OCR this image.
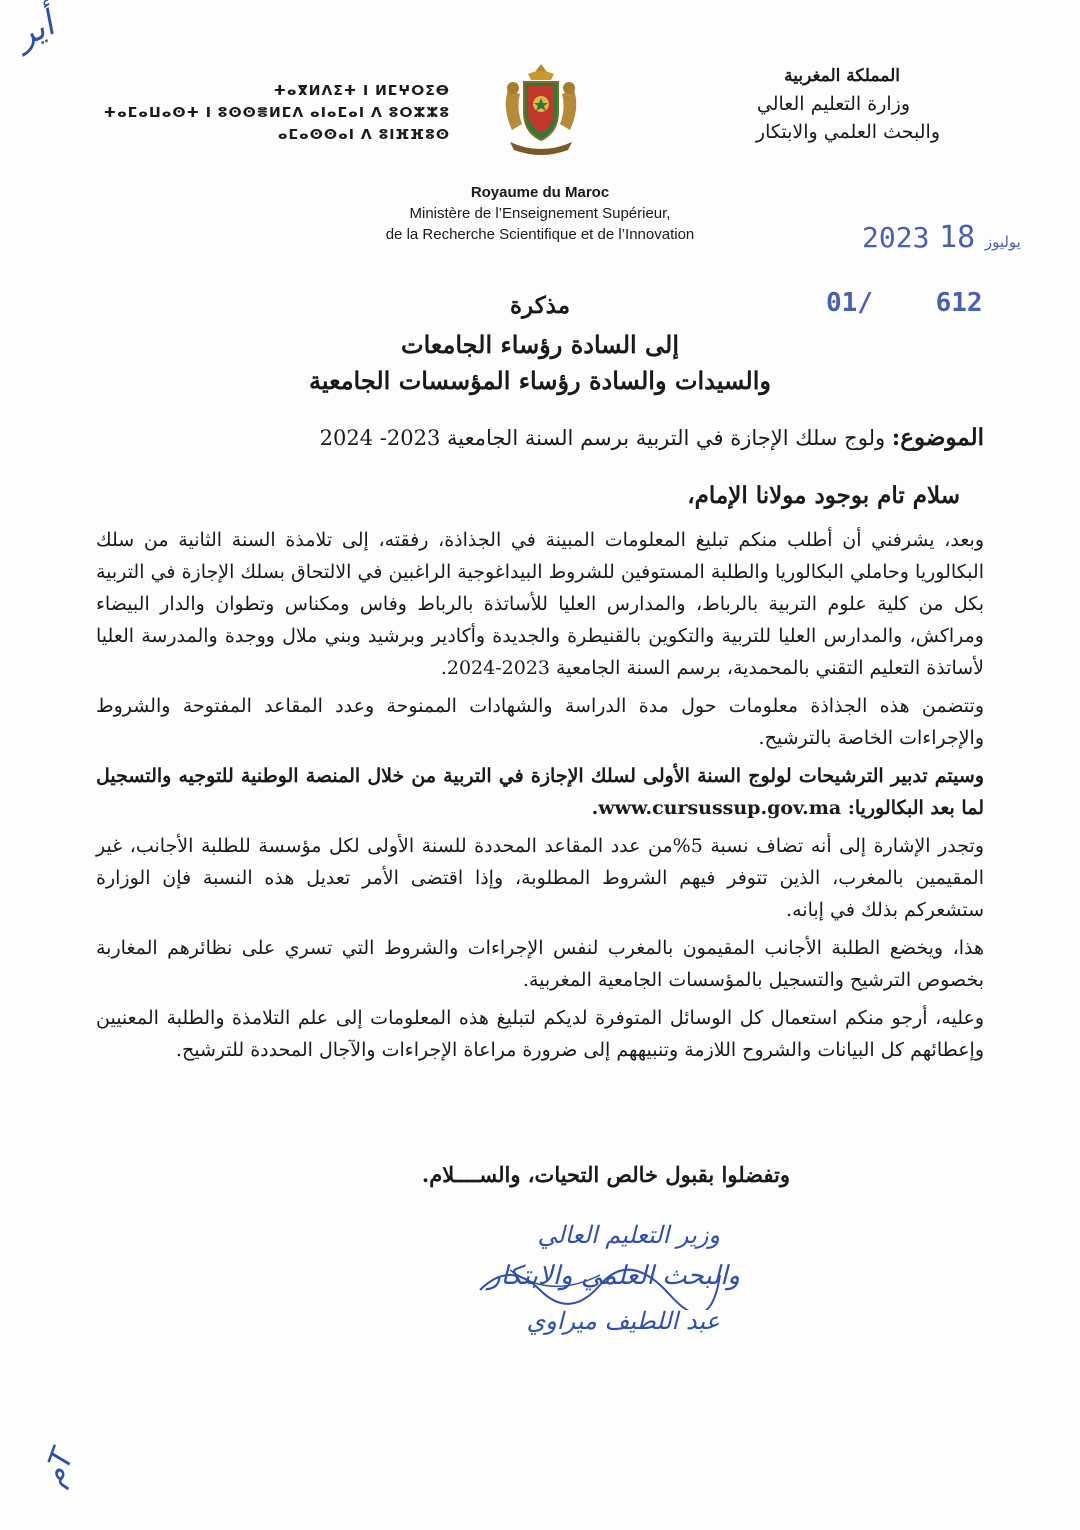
أير
ⵜⴰⴳⵍⴷⵉⵜ ⵏ ⵍⵎⵖⵔⵉⴱ
ⵜⴰⵎⴰⵡⴰⵙⵜ ⵏ ⵓⵙⵙⴻⵍⵎⴷ ⴰⵏⴰⵎⴰⵏ ⴷ ⵓⵔⵣⵣⵓ
ⴰⵎⴰⵙⵙⴰⵏ ⴷ ⵓⵏⴼⴼⵓⵙ
المملكة المغربية
وزارة التعليم العالي
والبحث العلمي والابتكار
Royaume du Maroc
Ministère de l’Enseignement Supérieur,
de la Recherche Scientifique et de l’Innovation	2023	يوليوز 18
01/    612
مذكرة
إلى السادة رؤساء الجامعات
والسيدات والسادة رؤساء المؤسسات الجامعية
الموضوع: ولوج سلك الإجازة في التربية برسم السنة الجامعية 2023- 2024
سلام تام بوجود مولانا الإمام،

وبعد، يشرفني أن أطلب منكم تبليغ المعلومات المبينة في الجذاذة، رفقته، إلى تلامذة السنة الثانية من سلك البكالوريا وحاملي البكالوريا والطلبة المستوفين للشروط البيداغوجية الراغبين في الالتحاق بسلك الإجازة في التربية بكل من كلية علوم التربية بالرباط، والمدارس العليا للأساتذة بالرباط وفاس ومكناس وتطوان والدار البيضاء ومراكش، والمدارس العليا للتربية والتكوين بالقنيطرة والجديدة وأكادير وبرشيد وبني ملال ووجدة والمدرسة العليا لأساتذة التعليم التقني بالمحمدية، برسم السنة الجامعية 2023-2024.

وتتضمن هذه الجذاذة معلومات حول مدة الدراسة والشهادات الممنوحة وعدد المقاعد المفتوحة والشروط والإجراءات الخاصة بالترشيح.

وسيتم تدبير الترشيحات لولوج السنة الأولى لسلك الإجازة في التربية من خلال المنصة الوطنية للتوجيه والتسجيل لما بعد البكالوريا: www.cursussup.gov.ma.

وتجدر الإشارة إلى أنه تضاف نسبة 5%من عدد المقاعد المحددة للسنة الأولى لكل مؤسسة للطلبة الأجانب، غير المقيمين بالمغرب، الذين تتوفر فيهم الشروط المطلوبة، وإذا اقتضى الأمر تعديل هذه النسبة فإن الوزارة ستشعركم بذلك في إبانه.

هذا، ويخضع الطلبة الأجانب المقيمون بالمغرب لنفس الإجراءات والشروط التي تسري على نظائرهم المغاربة بخصوص الترشيح والتسجيل بالمؤسسات الجامعية المغربية.

وعليه، أرجو منكم استعمال كل الوسائل المتوفرة لديكم لتبليغ هذه المعلومات إلى علم التلامذة والطلبة المعنيين وإعطائهم كل البيانات والشروح اللازمة وتنبيههم إلى ضرورة مراعاة الإجراءات والآجال المحددة للترشيح.

وتفضلوا بقبول خالص التحيات، والســــلام.
وزير التعليم العالي
والبحث العلمي والابتكار
عبد اللطيف ميراوي
مT
